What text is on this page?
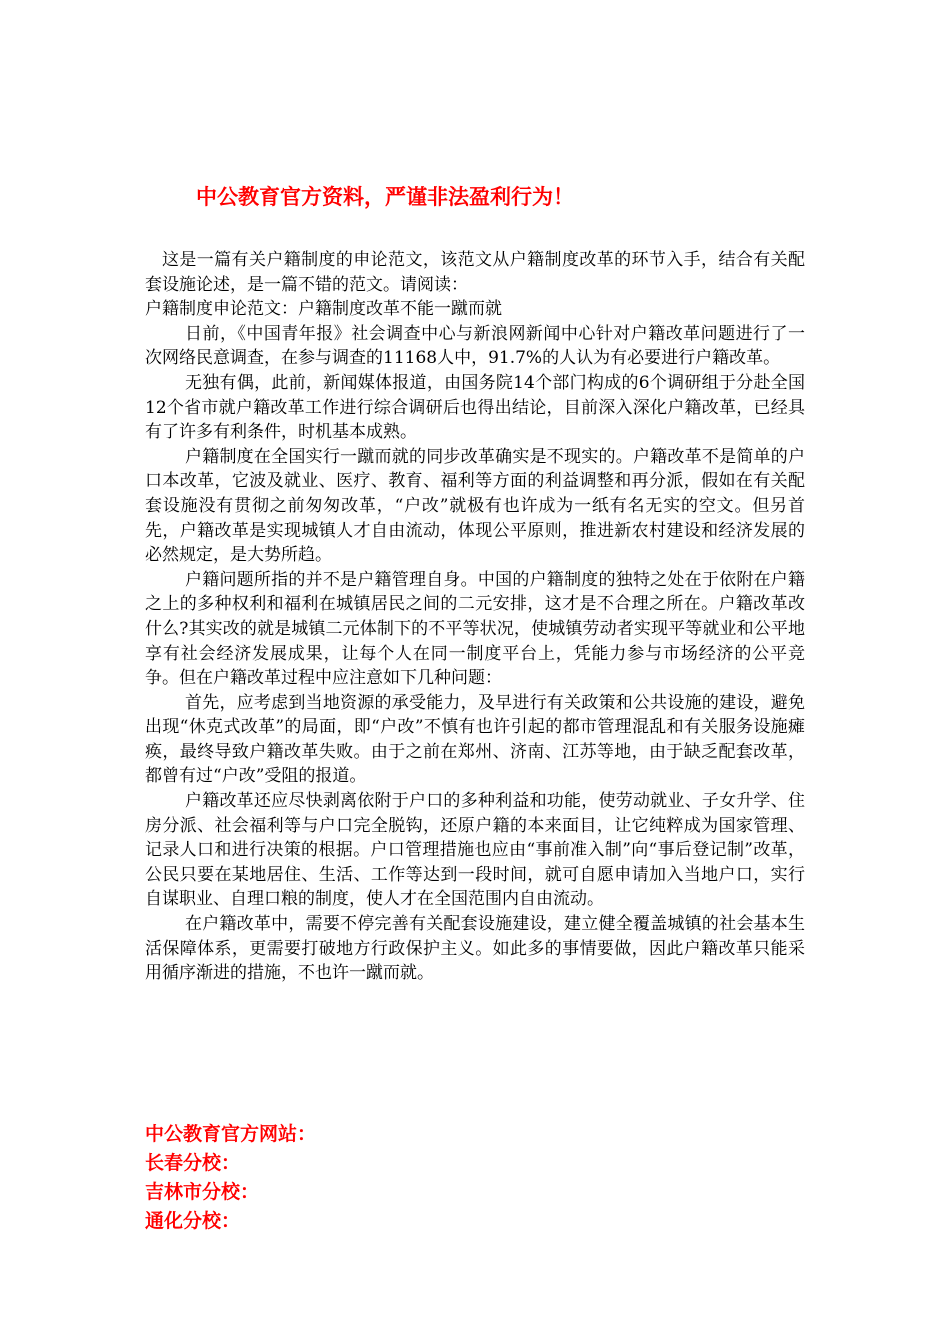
中公教育官方资料，严谨非法盈利行为！

这是一篇有关户籍制度的申论范文，该范文从户籍制度改革的环节入手，结合有关配套设施论述，是一篇不错的范文。请阅读：

户籍制度申论范文：户籍制度改革不能一蹴而就

日前，《中国青年报》社会调查中心与新浪网新闻中心针对户籍改革问题进行了一次网络民意调查，在参与调查的11168人中，91.7%的人认为有必要进行户籍改革。

无独有偶，此前，新闻媒体报道，由国务院14个部门构成的6个调研组于分赴全国12个省市就户籍改革工作进行综合调研后也得出结论，目前深入深化户籍改革，已经具有了许多有利条件，时机基本成熟。

户籍制度在全国实行一蹴而就的同步改革确实是不现实的。户籍改革不是简单的户口本改革，它波及就业、医疗、教育、福利等方面的利益调整和再分派，假如在有关配套设施没有贯彻之前匆匆改革，“户改”就极有也许成为一纸有名无实的空文。但另首先，户籍改革是实现城镇人才自由流动，体现公平原则，推进新农村建设和经济发展的必然规定，是大势所趋。

户籍问题所指的并不是户籍管理自身。中国的户籍制度的独特之处在于依附在户籍之上的多种权利和福利在城镇居民之间的二元安排，这才是不合理之所在。户籍改革改什么?其实改的就是城镇二元体制下的不平等状况，使城镇劳动者实现平等就业和公平地享有社会经济发展成果，让每个人在同一制度平台上，凭能力参与市场经济的公平竞争。但在户籍改革过程中应注意如下几种问题：

首先，应考虑到当地资源的承受能力，及早进行有关政策和公共设施的建设，避免出现“休克式改革”的局面，即“户改”不慎有也许引起的都市管理混乱和有关服务设施瘫痪，最终导致户籍改革失败。由于之前在郑州、济南、江苏等地，由于缺乏配套改革，都曾有过“户改”受阻的报道。

户籍改革还应尽快剥离依附于户口的多种利益和功能，使劳动就业、子女升学、住房分派、社会福利等与户口完全脱钩，还原户籍的本来面目，让它纯粹成为国家管理、记录人口和进行决策的根据。户口管理措施也应由“事前准入制”向“事后登记制”改革，公民只要在某地居住、生活、工作等达到一段时间，就可自愿申请加入当地户口，实行自谋职业、自理口粮的制度，使人才在全国范围内自由流动。

在户籍改革中，需要不停完善有关配套设施建设，建立健全覆盖城镇的社会基本生活保障体系，更需要打破地方行政保护主义。如此多的事情要做，因此户籍改革只能采用循序渐进的措施，不也许一蹴而就。

中公教育官方网站：
长春分校：
吉林市分校：
通化分校：
